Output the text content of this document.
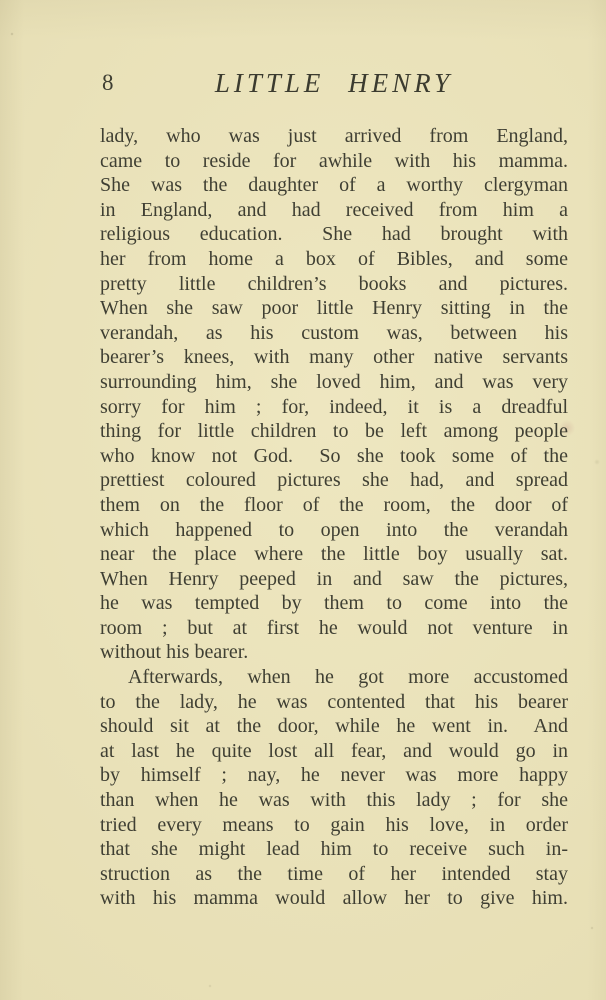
8	LITTLE HENRY
lady, who was just arrived from England,
came to reside for awhile with his mamma.
She was the daughter of a worthy clergyman
in England, and had received from him a
religious education.  She had brought with
her from home a box of Bibles, and some
pretty little children’s books and pictures.
When she saw poor little Henry sitting in the
verandah, as his custom was, between his
bearer’s knees, with many other native servants
surrounding him, she loved him, and was very
sorry for him ; for, indeed, it is a dreadful
thing for little children to be left among people
who know not God.  So she took some of the
prettiest coloured pictures she had, and spread
them on the floor of the room, the door of
which happened to open into the verandah
near the place where the little boy usually sat.
When Henry peeped in and saw the pictures,
he was tempted by them to come into the
room ; but at first he would not venture in
without his bearer.
Afterwards, when he got more accustomed
to the lady, he was contented that his bearer
should sit at the door, while he went in.  And
at last he quite lost all fear, and would go in
by himself ; nay, he never was more happy
than when he was with this lady ; for she
tried every means to gain his love, in order
that she might lead him to receive such in-
struction as the time of her intended stay
with his mamma would allow her to give him.
